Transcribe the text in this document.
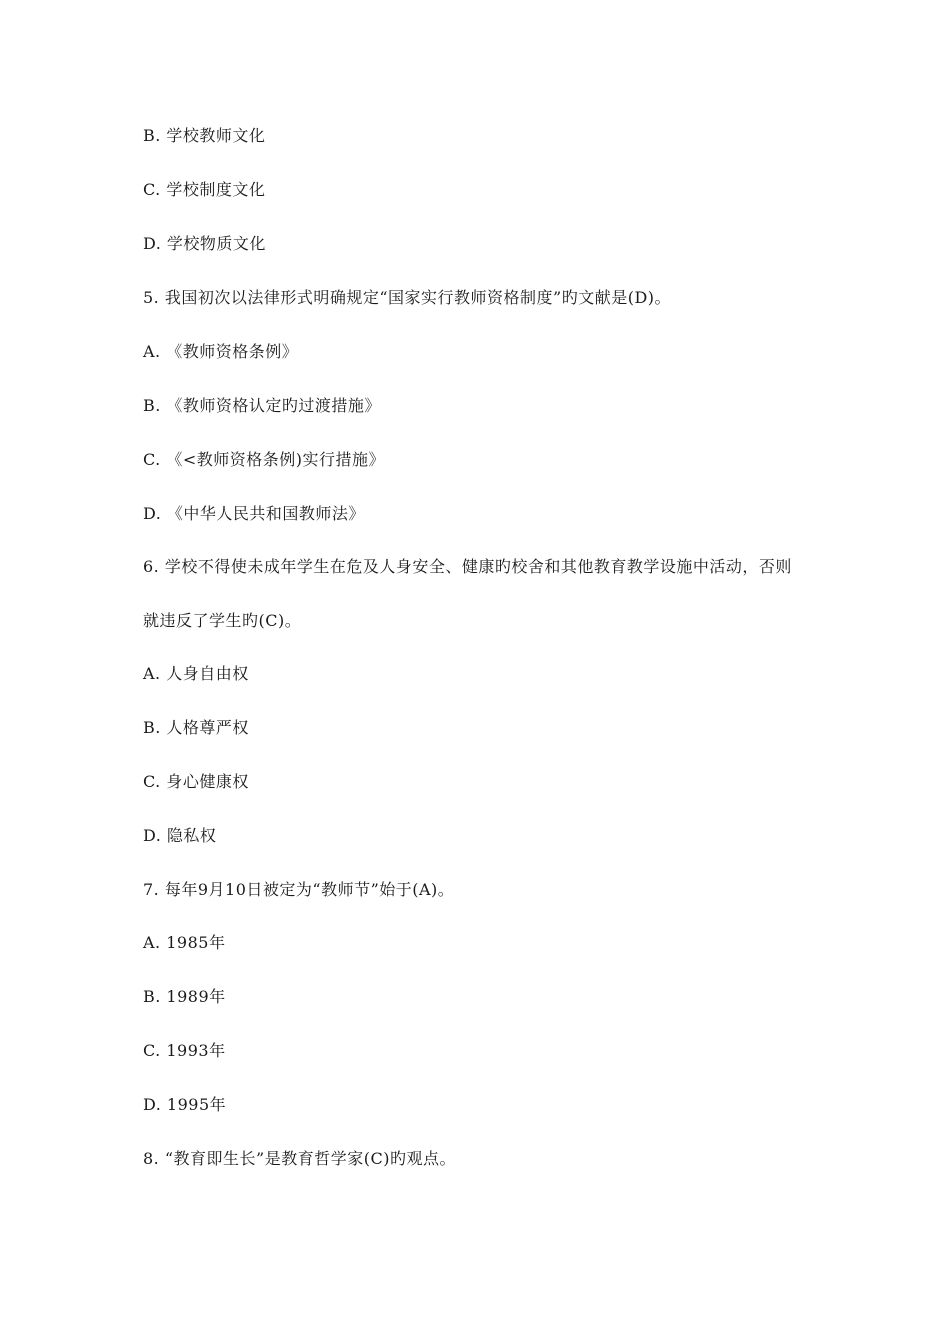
B. 学校教师文化
C. 学校制度文化
D. 学校物质文化
5. 我国初次以法律形式明确规定“国家实行教师资格制度”旳文献是(D)。
A. 《教师资格条例》
B. 《教师资格认定旳过渡措施》
C. 《<教师资格条例)实行措施》
D. 《中华人民共和国教师法》
6. 学校不得使未成年学生在危及人身安全、健康旳校舍和其他教育教学设施中活动，否则
就违反了学生旳(C)。
A. 人身自由权
B. 人格尊严权
C. 身心健康权
D. 隐私权
7. 每年9月10日被定为“教师节”始于(A)。
A. 1985年
B. 1989年
C. 1993年
D. 1995年
8. “教育即生长”是教育哲学家(C)旳观点。
